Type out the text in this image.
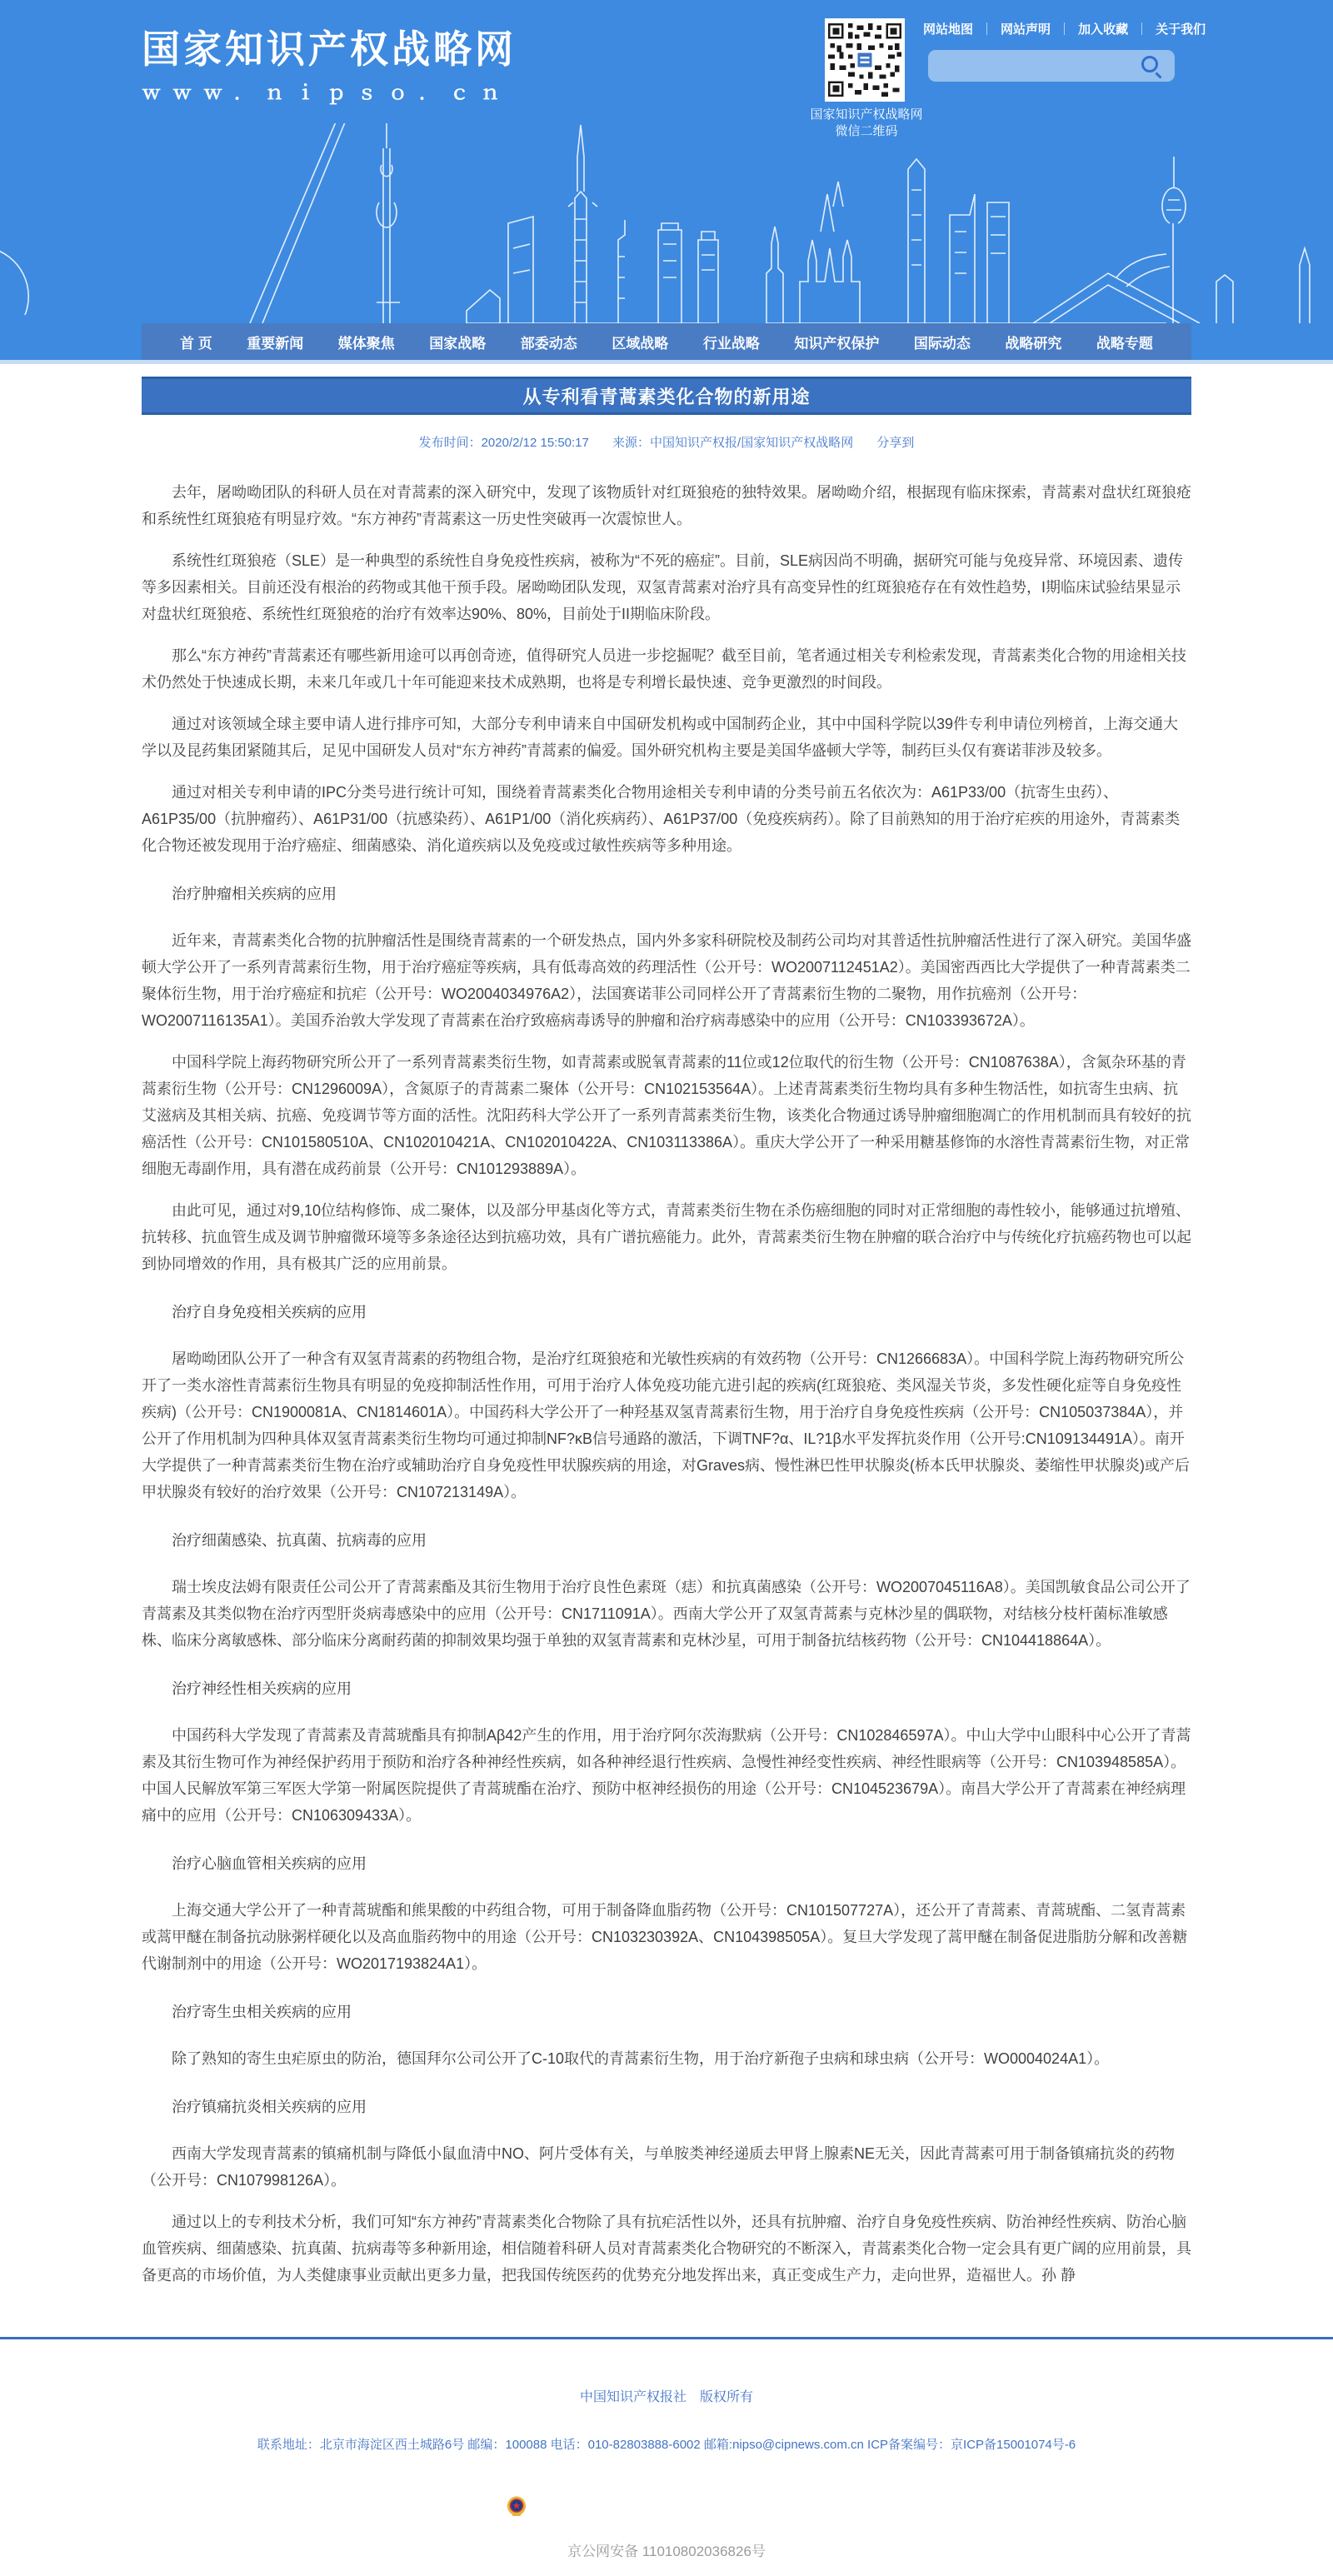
国家知识产权战略网
ｗｗｗ．ｎｉｐｓｏ．ｃｎ
国家知识产权战略网
微信二维码
网站地图 ｜ 网站声明 ｜ 加入收藏 ｜ 关于我们
首 页 重要新闻 媒体聚焦 国家战略 部委动态 区域战略 行业战略 知识产权保护 国际动态 战略研究 战略专题
从专利看青蒿素类化合物的新用途
发布时间：2020/2/12 15:50:17 来源：中国知识产权报/国家知识产权战略网 分享到
去年，屠呦呦团队的科研人员在对青蒿素的深入研究中，发现了该物质针对红斑狼疮的独特效果。屠呦呦介绍，根据现有临床探索，青蒿素对盘状红斑狼疮和系统性红斑狼疮有明显疗效。“东方神药”青蒿素这一历史性突破再一次震惊世人。
系统性红斑狼疮（SLE）是一种典型的系统性自身免疫性疾病，被称为“不死的癌症”。目前，SLE病因尚不明确，据研究可能与免疫异常、环境因素、遗传等多因素相关。目前还没有根治的药物或其他干预手段。屠呦呦团队发现，双氢青蒿素对治疗具有高变异性的红斑狼疮存在有效性趋势，I期临床试验结果显示对盘状红斑狼疮、系统性红斑狼疮的治疗有效率达90%、80%，目前处于II期临床阶段。
那么“东方神药”青蒿素还有哪些新用途可以再创奇迹，值得研究人员进一步挖掘呢？截至目前，笔者通过相关专利检索发现，青蒿素类化合物的用途相关技术仍然处于快速成长期，未来几年或几十年可能迎来技术成熟期，也将是专利增长最快速、竞争更激烈的时间段。
通过对该领域全球主要申请人进行排序可知，大部分专利申请来自中国研发机构或中国制药企业，其中中国科学院以39件专利申请位列榜首，上海交通大学以及昆药集团紧随其后，足见中国研发人员对“东方神药”青蒿素的偏爱。国外研究机构主要是美国华盛顿大学等，制药巨头仅有赛诺菲涉及较多。
通过对相关专利申请的IPC分类号进行统计可知，围绕着青蒿素类化合物用途相关专利申请的分类号前五名依次为：A61P33/00（抗寄生虫药）、A61P35/00（抗肿瘤药）、A61P31/00（抗感染药）、A61P1/00（消化疾病药）、A61P37/00（免疫疾病药）。除了目前熟知的用于治疗疟疾的用途外，青蒿素类化合物还被发现用于治疗癌症、细菌感染、消化道疾病以及免疫或过敏性疾病等多种用途。
治疗肿瘤相关疾病的应用
近年来，青蒿素类化合物的抗肿瘤活性是围绕青蒿素的一个研发热点，国内外多家科研院校及制药公司均对其普适性抗肿瘤活性进行了深入研究。美国华盛顿大学公开了一系列青蒿素衍生物，用于治疗癌症等疾病，具有低毒高效的药理活性（公开号：WO2007112451A2）。美国密西西比大学提供了一种青蒿素类二聚体衍生物，用于治疗癌症和抗疟（公开号：WO2004034976A2），法国赛诺菲公司同样公开了青蒿素衍生物的二聚物，用作抗癌剂（公开号：WO2007116135A1）。美国乔治敦大学发现了青蒿素在治疗致癌病毒诱导的肿瘤和治疗病毒感染中的应用（公开号：CN103393672A）。
中国科学院上海药物研究所公开了一系列青蒿素类衍生物，如青蒿素或脱氧青蒿素的11位或12位取代的衍生物（公开号：CN1087638A），含氮杂环基的青蒿素衍生物（公开号：CN1296009A），含氮原子的青蒿素二聚体（公开号：CN102153564A）。上述青蒿素类衍生物均具有多种生物活性，如抗寄生虫病、抗艾滋病及其相关病、抗癌、免疫调节等方面的活性。沈阳药科大学公开了一系列青蒿素类衍生物，该类化合物通过诱导肿瘤细胞凋亡的作用机制而具有较好的抗癌活性（公开号：CN101580510A、CN102010421A、CN102010422A、CN103113386A）。重庆大学公开了一种采用糖基修饰的水溶性青蒿素衍生物，对正常细胞无毒副作用，具有潜在成药前景（公开号：CN101293889A）。
由此可见，通过对9,10位结构修饰、成二聚体，以及部分甲基卤化等方式，青蒿素类衍生物在杀伤癌细胞的同时对正常细胞的毒性较小，能够通过抗增殖、抗转移、抗血管生成及调节肿瘤微环境等多条途径达到抗癌功效，具有广谱抗癌能力。此外，青蒿素类衍生物在肿瘤的联合治疗中与传统化疗抗癌药物也可以起到协同增效的作用，具有极其广泛的应用前景。
治疗自身免疫相关疾病的应用
屠呦呦团队公开了一种含有双氢青蒿素的药物组合物，是治疗红斑狼疮和光敏性疾病的有效药物（公开号：CN1266683A）。中国科学院上海药物研究所公开了一类水溶性青蒿素衍生物具有明显的免疫抑制活性作用，可用于治疗人体免疫功能亢进引起的疾病(红斑狼疮、类风湿关节炎，多发性硬化症等自身免疫性疾病)（公开号：CN1900081A、CN1814601A）。中国药科大学公开了一种羟基双氢青蒿素衍生物，用于治疗自身免疫性疾病（公开号：CN105037384A），并公开了作用机制为四种具体双氢青蒿素类衍生物均可通过抑制NF?κB信号通路的激活，下调TNF?α、IL?1β水平发挥抗炎作用（公开号:CN109134491A）。南开大学提供了一种青蒿素类衍生物在治疗或辅助治疗自身免疫性甲状腺疾病的用途，对Graves病、慢性淋巴性甲状腺炎(桥本氏甲状腺炎、萎缩性甲状腺炎)或产后甲状腺炎有较好的治疗效果（公开号：CN107213149A）。
治疗细菌感染、抗真菌、抗病毒的应用
瑞士埃皮法姆有限责任公司公开了青蒿素酯及其衍生物用于治疗良性色素斑（痣）和抗真菌感染（公开号：WO2007045116A8）。美国凯敏食品公司公开了青蒿素及其类似物在治疗丙型肝炎病毒感染中的应用（公开号：CN1711091A）。西南大学公开了双氢青蒿素与克林沙星的偶联物，对结核分枝杆菌标准敏感株、临床分离敏感株、部分临床分离耐药菌的抑制效果均强于单独的双氢青蒿素和克林沙星，可用于制备抗结核药物（公开号：CN104418864A）。
治疗神经性相关疾病的应用
中国药科大学发现了青蒿素及青蒿琥酯具有抑制Aβ42产生的作用，用于治疗阿尔茨海默病（公开号：CN102846597A）。中山大学中山眼科中心公开了青蒿素及其衍生物可作为神经保护药用于预防和治疗各种神经性疾病，如各种神经退行性疾病、急慢性神经变性疾病、神经性眼病等（公开号：CN103948585A）。中国人民解放军第三军医大学第一附属医院提供了青蒿琥酯在治疗、预防中枢神经损伤的用途（公开号：CN104523679A）。南昌大学公开了青蒿素在神经病理痛中的应用（公开号：CN106309433A）。
治疗心脑血管相关疾病的应用
上海交通大学公开了一种青蒿琥酯和熊果酸的中药组合物，可用于制备降血脂药物（公开号：CN101507727A），还公开了青蒿素、青蒿琥酯、二氢青蒿素或蒿甲醚在制备抗动脉粥样硬化以及高血脂药物中的用途（公开号：CN103230392A、CN104398505A）。复旦大学发现了蒿甲醚在制备促进脂肪分解和改善糖代谢制剂中的用途（公开号：WO2017193824A1）。
治疗寄生虫相关疾病的应用
除了熟知的寄生虫疟原虫的防治，德国拜尔公司公开了C-10取代的青蒿素衍生物，用于治疗新孢子虫病和球虫病（公开号：WO0004024A1）。
治疗镇痛抗炎相关疾病的应用
西南大学发现青蒿素的镇痛机制与降低小鼠血清中NO、阿片受体有关，与单胺类神经递质去甲肾上腺素NE无关，因此青蒿素可用于制备镇痛抗炎的药物（公开号：CN107998126A）。
通过以上的专利技术分析，我们可知“东方神药”青蒿素类化合物除了具有抗疟活性以外，还具有抗肿瘤、治疗自身免疫性疾病、防治神经性疾病、防治心脑血管疾病、细菌感染、抗真菌、抗病毒等多种新用途，相信随着科研人员对青蒿素类化合物研究的不断深入，青蒿素类化合物一定会具有更广阔的应用前景，具备更高的市场价值，为人类健康事业贡献出更多力量，把我国传统医药的优势充分地发挥出来，真正变成生产力，走向世界，造福世人。孙 静
中国知识产权报社　版权所有
联系地址：北京市海淀区西土城路6号 邮编：100088 电话：010-82803888-6002 邮箱:nipso@cipnews.com.cn ICP备案编号：京ICP备15001074号-6
京公网安备 11010802036826号
